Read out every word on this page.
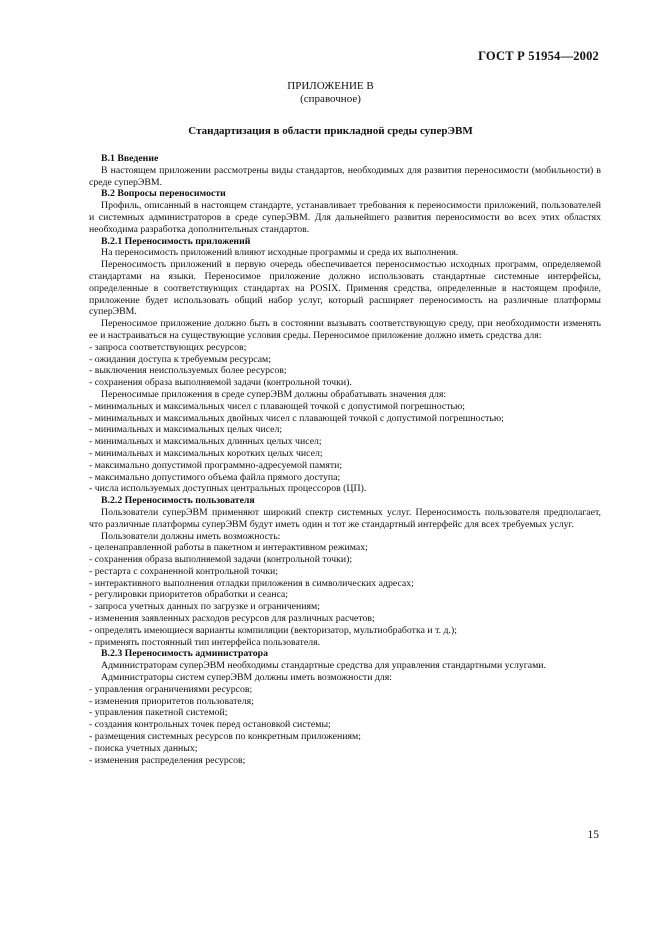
ГОСТ Р 51954—2002
ПРИЛОЖЕНИЕ В
(справочное)
Стандартизация в области прикладной среды суперЭВМ

В.1 Введение

В настоящем приложении рассмотрены виды стандартов, необходимых для развития переносимости (мобильности) в среде суперЭВМ.

В.2 Вопросы переносимости

Профиль, описанный в настоящем стандарте, устанавливает требования к переносимости приложений, пользователей и системных администраторов в среде суперЭВМ. Для дальнейшего развития переносимости во всех этих областях необходима разработка дополнительных стандартов.

В.2.1 Переносимость приложений

На переносимость приложений влияют исходные программы и среда их выполнения.

Переносимость приложений в первую очередь обеспечивается переносимостью исходных программ, определяемой стандартами на языки. Переносимое приложение должно использовать стандартные системные интерфейсы, определенные в соответствующих стандартах на POSIX. Применяя средства, определенные в настоящем профиле, приложение будет использовать общий набор услуг, который расширяет переносимость на различные платформы суперЭВМ.

Переносимое приложение должно быть в состоянии вызывать соответствующую среду, при необходимости изменять ее и настраиваться на существующие условия среды. Переносимое приложение должно иметь средства для:

- запроса соответствующих ресурсов;

- ожидания доступа к требуемым ресурсам;

- выключения неиспользуемых более ресурсов;

- сохранения образа выполняемой задачи (контрольной точки).

Переносимые приложения в среде суперЭВМ должны обрабатывать значения для:

- минимальных и максимальных чисел с плавающей точкой с допустимой погрешностью;

- минимальных и максимальных двойных чисел с плавающей точкой с допустимой погрешностью;

- минимальных и максимальных целых чисел;

- минимальных и максимальных длинных целых чисел;

- минимальных и максимальных коротких целых чисел;

- максимально допустимой программно-адресуемой памяти;

- максимально допустимого объема файла прямого доступа;

- числа используемых доступных центральных процессоров (ЦП).

В.2.2 Переносимость пользователя

Пользователи суперЭВМ применяют широкий спектр системных услуг. Переносимость пользователя предполагает, что различные платформы суперЭВМ будут иметь один и тот же стандартный интерфейс для всех требуемых услуг.

Пользователи должны иметь возможность:

- целенаправленной работы в пакетном и интерактивном режимах;

- сохранения образа выполняемой задачи (контрольной точки);

- рестарта с сохраненной контрольной точки;

- интерактивного выполнения отладки приложения в символических адресах;

- регулировки приоритетов обработки и сеанса;

- запроса учетных данных по загрузке и ограничениям;

- изменения заявленных расходов ресурсов для различных расчетов;

- определять имеющиеся варианты компиляции (векторизатор, мультиобработка и т. д.);

- применять постоянный тип интерфейса пользователя.

В.2.3 Переносимость администратора

Администраторам суперЭВМ необходимы стандартные средства для управления стандартными услугами.

Администраторы систем суперЭВМ должны иметь возможности для:

- управления ограничениями ресурсов;

- изменения приоритетов пользователя;

- управления пакетной системой;

- создания контрольных точек перед остановкой системы;

- размещения системных ресурсов по конкретным приложениям;

- поиска учетных данных;

- изменения распределения ресурсов;

15
